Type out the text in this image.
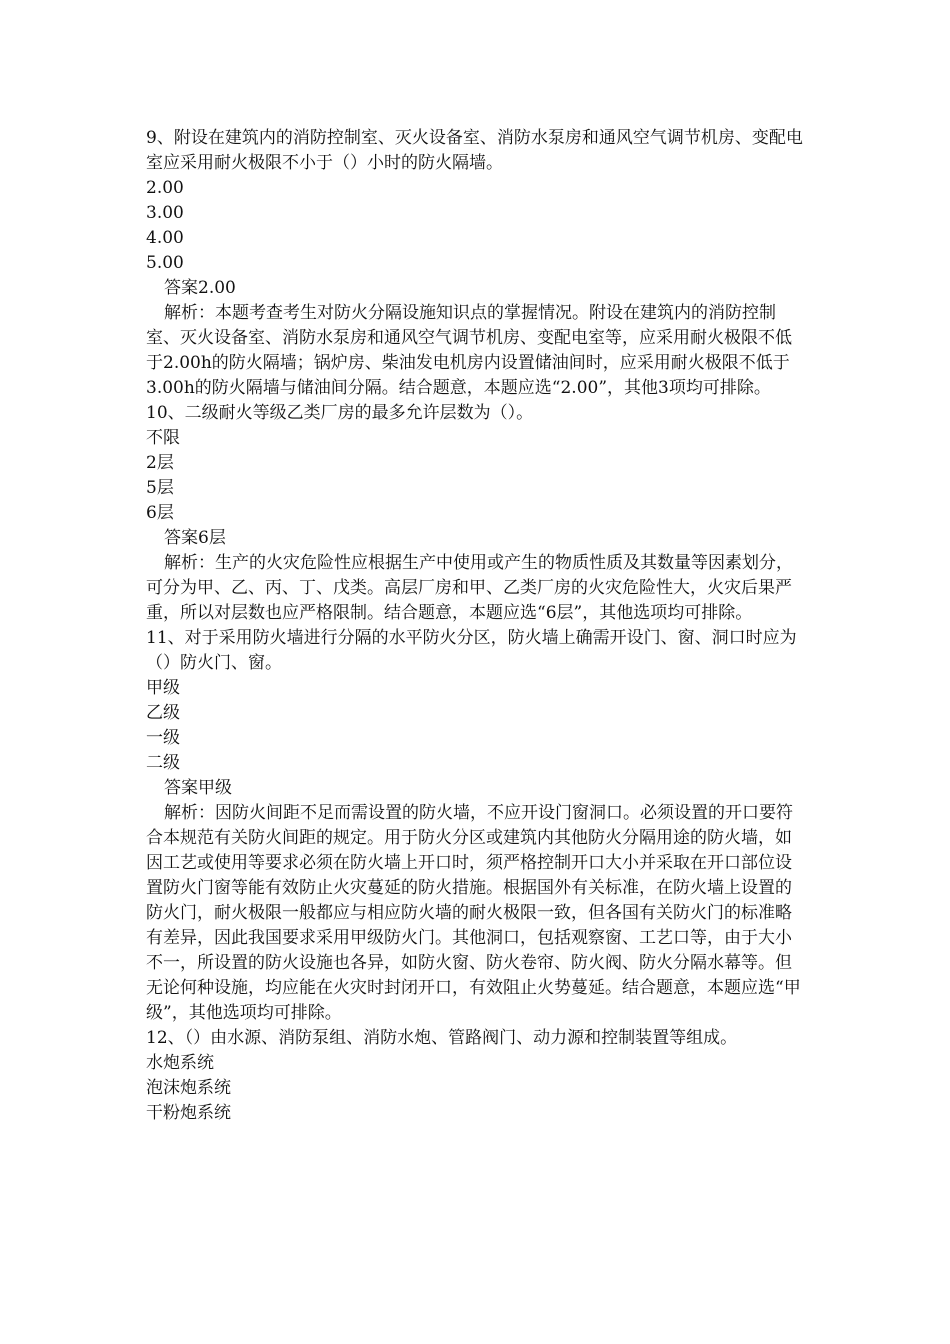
9、附设在建筑内的消防控制室、灭火设备室、消防水泵房和通风空气调节机房、变配电室应采用耐火极限不小于（）小时的防火隔墙。

2.00

3.00

4.00

5.00

答案2.00

解析：本题考查考生对防火分隔设施知识点的掌握情况。附设在建筑内的消防控制室、灭火设备室、消防水泵房和通风空气调节机房、变配电室等，应采用耐火极限不低于2.00h的防火隔墙；锅炉房、柴油发电机房内设置储油间时，应采用耐火极限不低于3.00h的防火隔墙与储油间分隔。结合题意，本题应选“2.00”，其他3项均可排除。

10、二级耐火等级乙类厂房的最多允许层数为（）。

不限

2层

5层

6层

答案6层

解析：生产的火灾危险性应根据生产中使用或产生的物质性质及其数量等因素划分，可分为甲、乙、丙、丁、戊类。高层厂房和甲、乙类厂房的火灾危险性大，火灾后果严重，所以对层数也应严格限制。结合题意，本题应选“6层”，其他选项均可排除。

11、对于采用防火墙进行分隔的水平防火分区，防火墙上确需开设门、窗、洞口时应为（）防火门、窗。

甲级

乙级

一级

二级

答案甲级

解析：因防火间距不足而需设置的防火墙，不应开设门窗洞口。必须设置的开口要符合本规范有关防火间距的规定。用于防火分区或建筑内其他防火分隔用途的防火墙，如因工艺或使用等要求必须在防火墙上开口时，须严格控制开口大小并采取在开口部位设置防火门窗等能有效防止火灾蔓延的防火措施。根据国外有关标准，在防火墙上设置的防火门，耐火极限一般都应与相应防火墙的耐火极限一致，但各国有关防火门的标准略有差异，因此我国要求采用甲级防火门。其他洞口，包括观察窗、工艺口等，由于大小不一，所设置的防火设施也各异，如防火窗、防火卷帘、防火阀、防火分隔水幕等。但无论何种设施，均应能在火灾时封闭开口，有效阻止火势蔓延。结合题意，本题应选“甲级”，其他选项均可排除。

12、（）由水源、消防泵组、消防水炮、管路阀门、动力源和控制装置等组成。

水炮系统

泡沫炮系统

干粉炮系统
